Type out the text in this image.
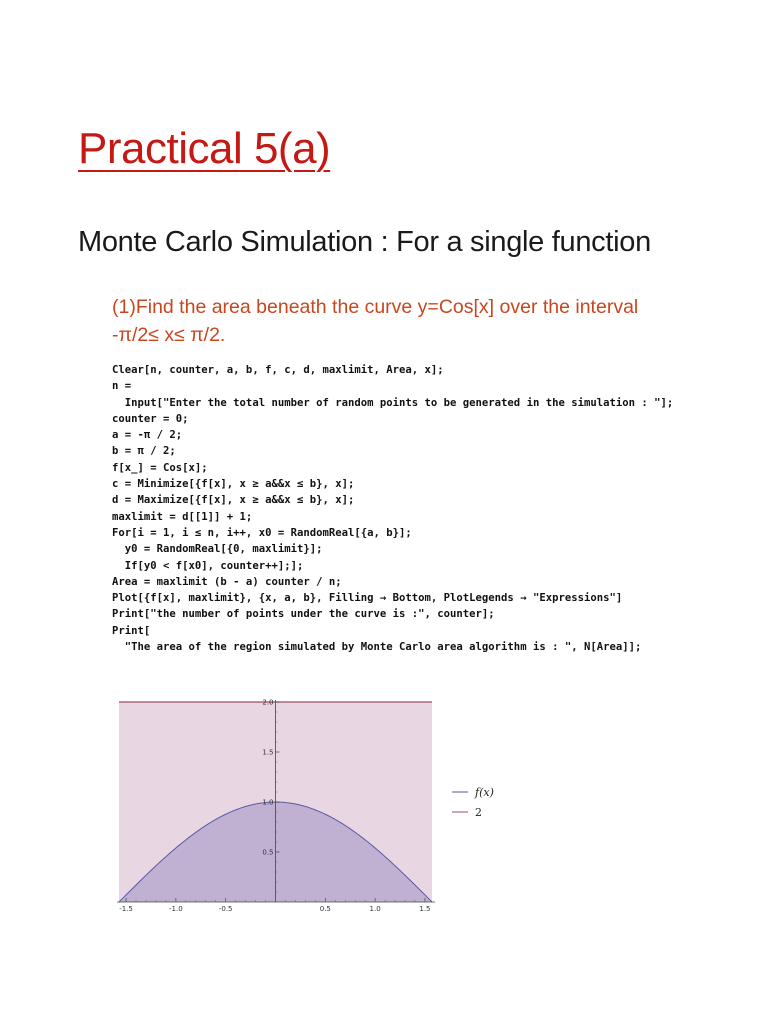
Practical 5(a)
Monte Carlo Simulation : For a single function

(1)Find the area beneath the curve y=Cos[x] over the interval
-π/2≤ x≤ π/2.

Clear[n, counter, a, b, f, c, d, maxlimit, Area, x];
n =
Input["Enter the total number of random points to be generated in the simulation : "];
counter = 0;
a = -π / 2;
b = π / 2;
f[x_] = Cos[x];
c = Minimize[{f[x], x ≥ a&&x ≤ b}, x];
d = Maximize[{f[x], x ≥ a&&x ≤ b}, x];
maxlimit = d[[1]] + 1;
For[i = 1, i ≤ n, i++, x0 = RandomReal[{a, b}];
y0 = RandomReal[{0, maxlimit}];
If[y0 < f[x0], counter++];];
Area = maxlimit (b - a) counter / n;
Plot[{f[x], maxlimit}, {x, a, b}, Filling → Bottom, PlotLegends → "Expressions"]
Print["the number of points under the curve is :", counter];
Print[
"The area of the region simulated by Monte Carlo area algorithm is : ", N[Area]];
-1.5	-1.0	-0.5	0.5	1.0	1.5
0.5
1.0
1.5
2.0
f(x)
2
